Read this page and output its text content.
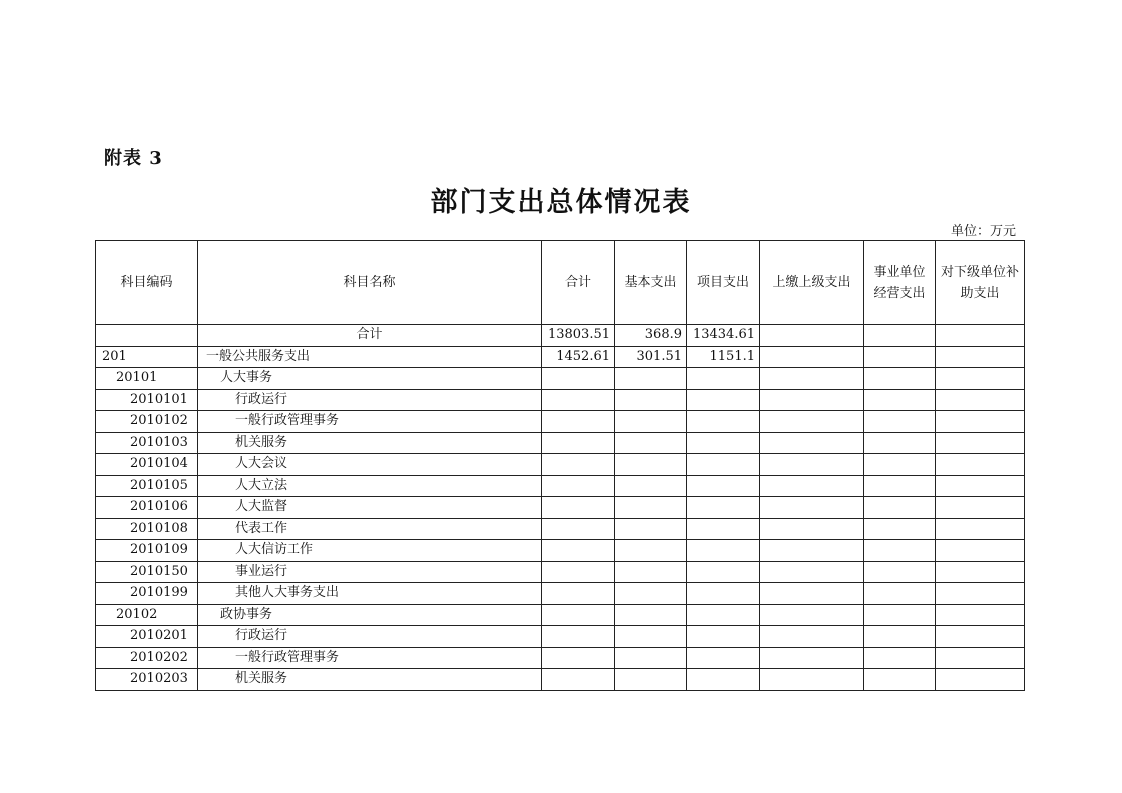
附表 3
部门支出总体情况表
单位：万元
科目编码	科目名称	合计	基本支出	项目支出	上缴上级支出	事业单位经营支出	对下级单位补助支出
	合计	13803.51	368.9	13434.61			
201	一般公共服务支出	1452.61	301.51	1151.1			
20101	人大事务						
2010101	行政运行						
2010102	一般行政管理事务						
2010103	机关服务						
2010104	人大会议						
2010105	人大立法						
2010106	人大监督						
2010108	代表工作						
2010109	人大信访工作						
2010150	事业运行						
2010199	其他人大事务支出						
20102	政协事务						
2010201	行政运行						
2010202	一般行政管理事务						
2010203	机关服务						
